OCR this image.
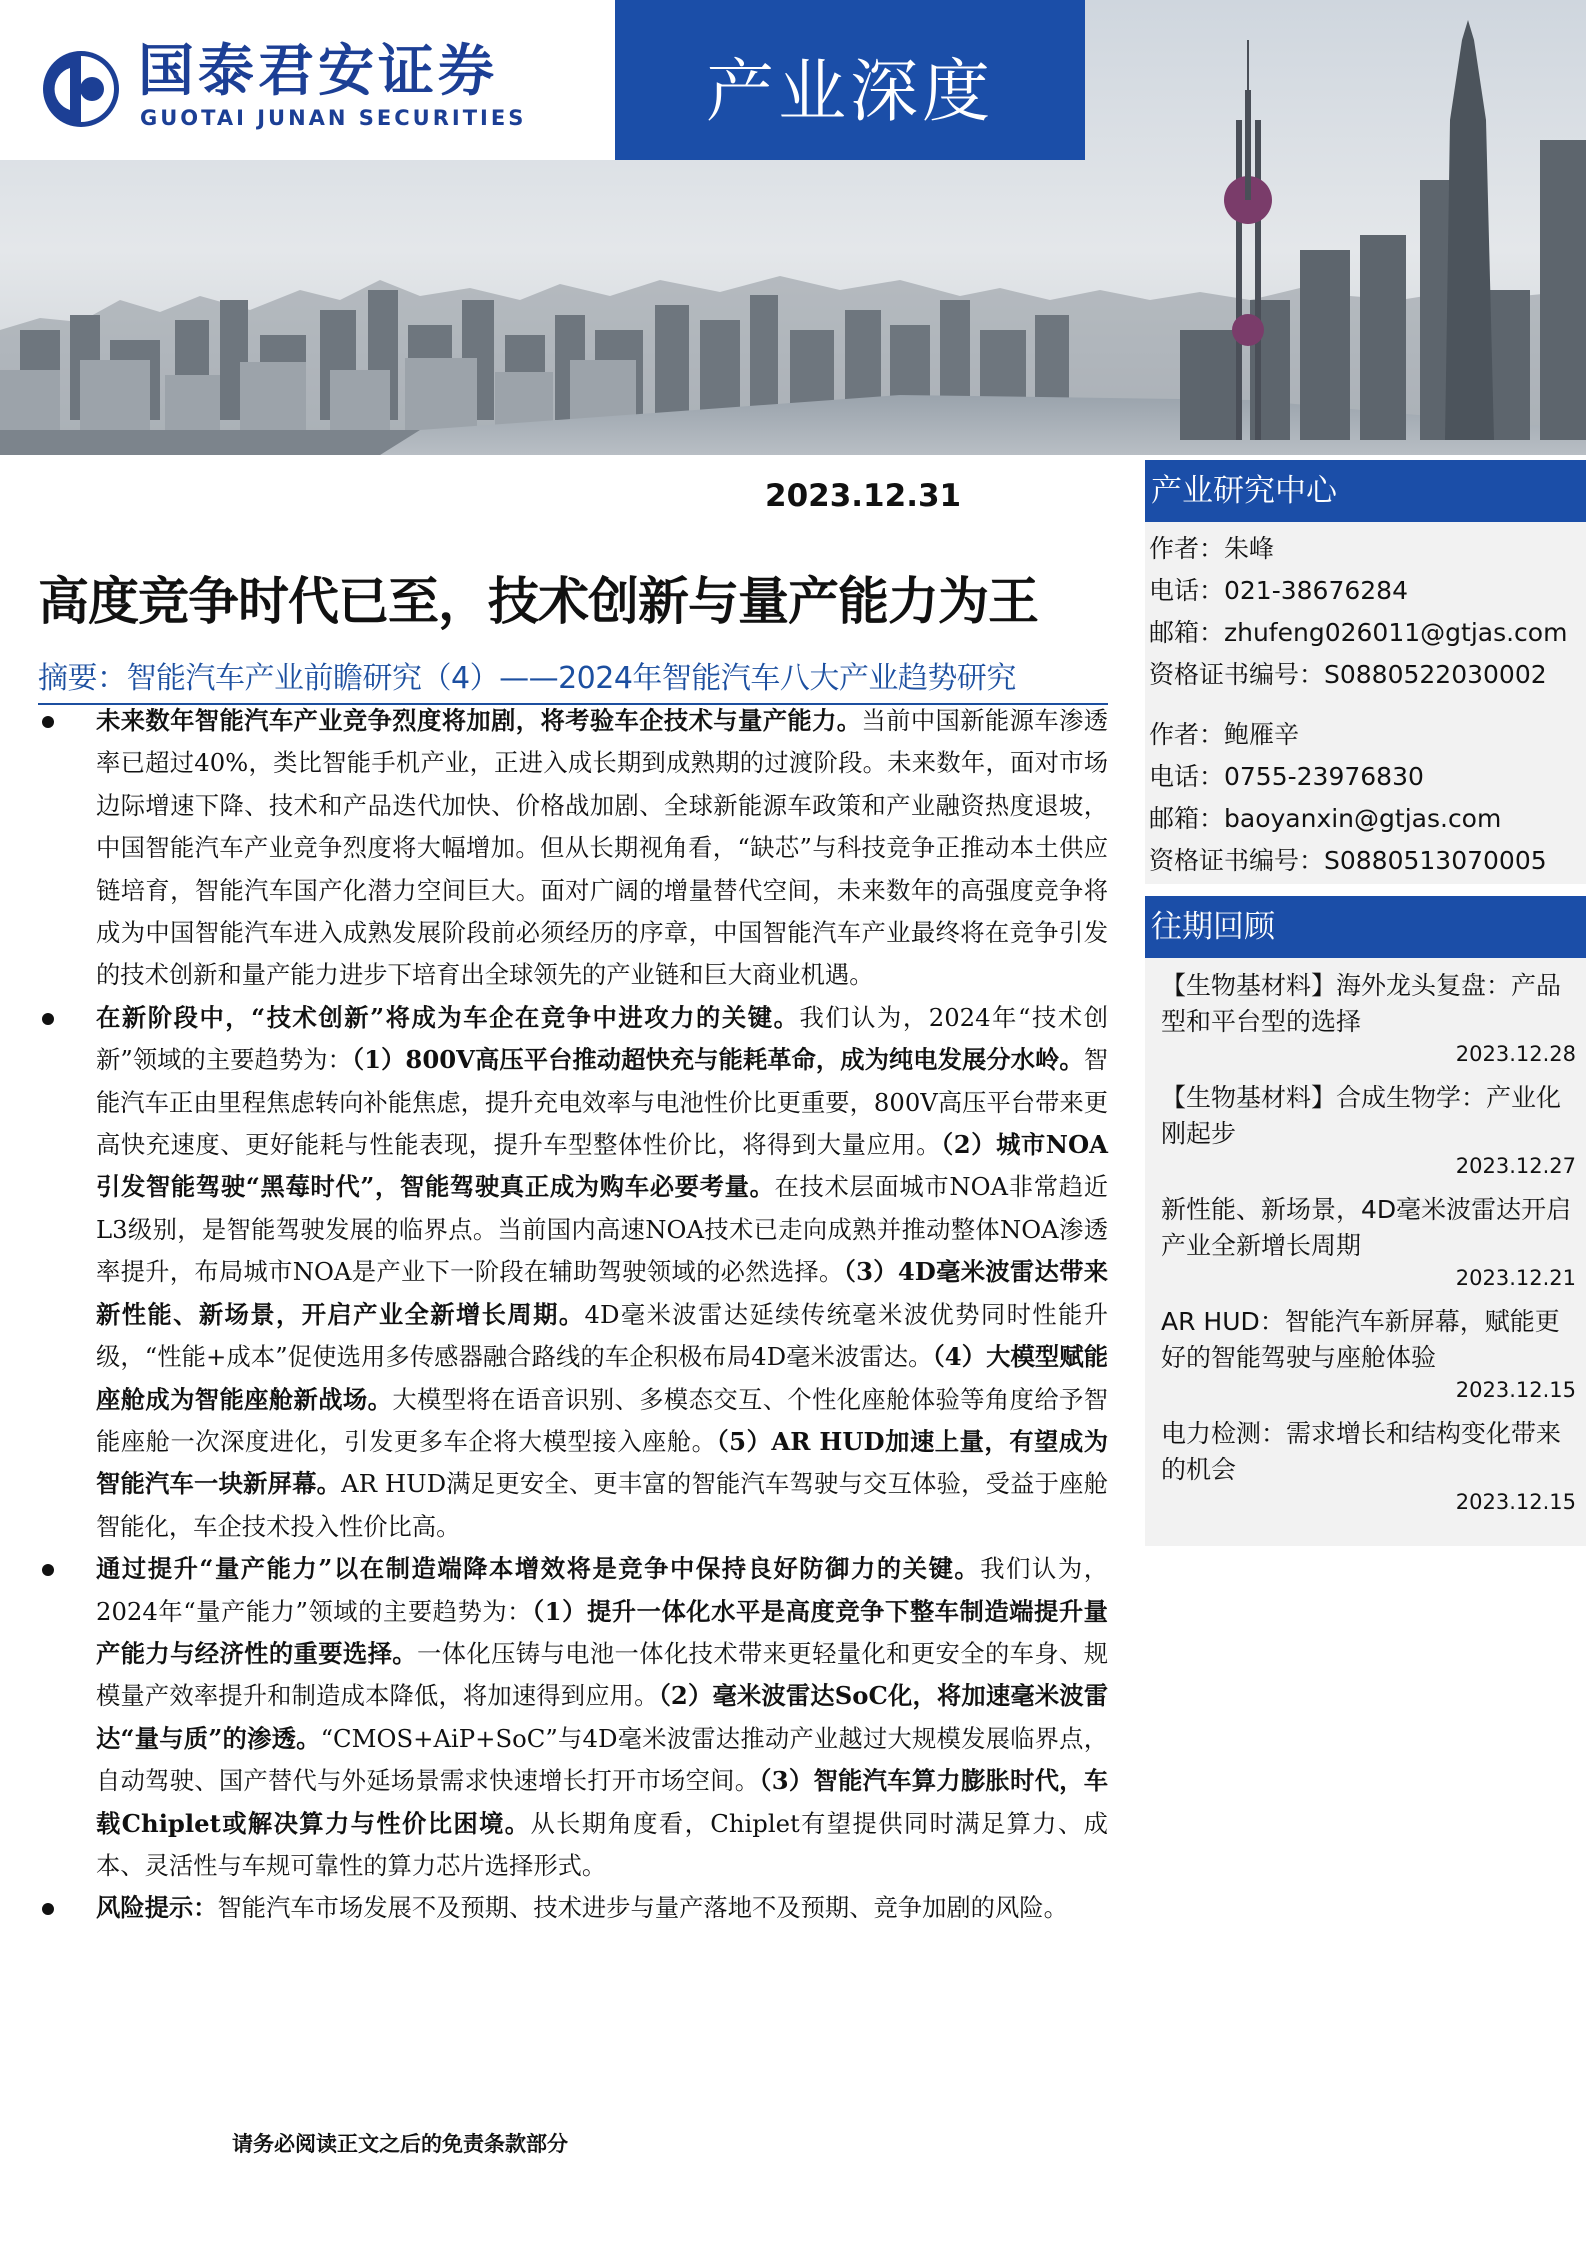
国泰君安证券
GUOTAI JUNAN SECURITIES	产业深度
2023.12.31
高度竞争时代已至，技术创新与量产能力为王
摘要：智能汽车产业前瞻研究（4）——2024年智能汽车八大产业趋势研究
未来数年智能汽车产业竞争烈度将加剧，将考验车企技术与量产能力。当前中国新能源车渗透率已超过40%，类比智能手机产业，正进入成长期到成熟期的过渡阶段。未来数年，面对市场边际增速下降、技术和产品迭代加快、价格战加剧、全球新能源车政策和产业融资热度退坡，中国智能汽车产业竞争烈度将大幅增加。但从长期视角看，“缺芯”与科技竞争正推动本土供应链培育，智能汽车国产化潜力空间巨大。面对广阔的增量替代空间，未来数年的高强度竞争将成为中国智能汽车进入成熟发展阶段前必须经历的序章，中国智能汽车产业最终将在竞争引发的技术创新和量产能力进步下培育出全球领先的产业链和巨大商业机遇。
在新阶段中，“技术创新”将成为车企在竞争中进攻力的关键。我们认为，2024年“技术创新”领域的主要趋势为：（1）800V高压平台推动超快充与能耗革命，成为纯电发展分水岭。智能汽车正由里程焦虑转向补能焦虑，提升充电效率与电池性价比更重要，800V高压平台带来更高快充速度、更好能耗与性能表现，提升车型整体性价比，将得到大量应用。（2）城市NOA引发智能驾驶“黑莓时代”，智能驾驶真正成为购车必要考量。在技术层面城市NOA非常趋近L3级别，是智能驾驶发展的临界点。当前国内高速NOA技术已走向成熟并推动整体NOA渗透率提升，布局城市NOA是产业下一阶段在辅助驾驶领域的必然选择。（3）4D毫米波雷达带来新性能、新场景，开启产业全新增长周期。4D毫米波雷达延续传统毫米波优势同时性能升级，“性能+成本”促使选用多传感器融合路线的车企积极布局4D毫米波雷达。（4）大模型赋能座舱成为智能座舱新战场。大模型将在语音识别、多模态交互、个性化座舱体验等角度给予智能座舱一次深度进化，引发更多车企将大模型接入座舱。（5）AR HUD加速上量，有望成为智能汽车一块新屏幕。AR HUD满足更安全、更丰富的智能汽车驾驶与交互体验，受益于座舱智能化，车企技术投入性价比高。
通过提升“量产能力”以在制造端降本增效将是竞争中保持良好防御力的关键。我们认为，2024年“量产能力”领域的主要趋势为：（1）提升一体化水平是高度竞争下整车制造端提升量产能力与经济性的重要选择。一体化压铸与电池一体化技术带来更轻量化和更安全的车身、规模量产效率提升和制造成本降低，将加速得到应用。（2）毫米波雷达SoC化，将加速毫米波雷达“量与质”的渗透。“CMOS+AiP+SoC”与4D毫米波雷达推动产业越过大规模发展临界点，自动驾驶、国产替代与外延场景需求快速增长打开市场空间。（3）智能汽车算力膨胀时代，车载Chiplet或解决算力与性价比困境。从长期角度看，Chiplet有望提供同时满足算力、成本、灵活性与车规可靠性的算力芯片选择形式。
风险提示：智能汽车市场发展不及预期、技术进步与量产落地不及预期、竞争加剧的风险。
请务必阅读正文之后的免责条款部分
产业研究中心
作者：朱峰
电话：021-38676284
邮箱：zhufeng026011@gtjas.com
资格证书编号：S0880522030002
作者：鲍雁辛
电话：0755-23976830
邮箱：baoyanxin@gtjas.com
资格证书编号：S0880513070005
往期回顾
【生物基材料】海外龙头复盘：产品型和平台型的选择
2023.12.28
【生物基材料】合成生物学：产业化刚起步
2023.12.27
新性能、新场景，4D毫米波雷达开启产业全新增长周期
2023.12.21
AR HUD：智能汽车新屏幕，赋能更好的智能驾驶与座舱体验
2023.12.15
电力检测：需求增长和结构变化带来的机会
2023.12.15
